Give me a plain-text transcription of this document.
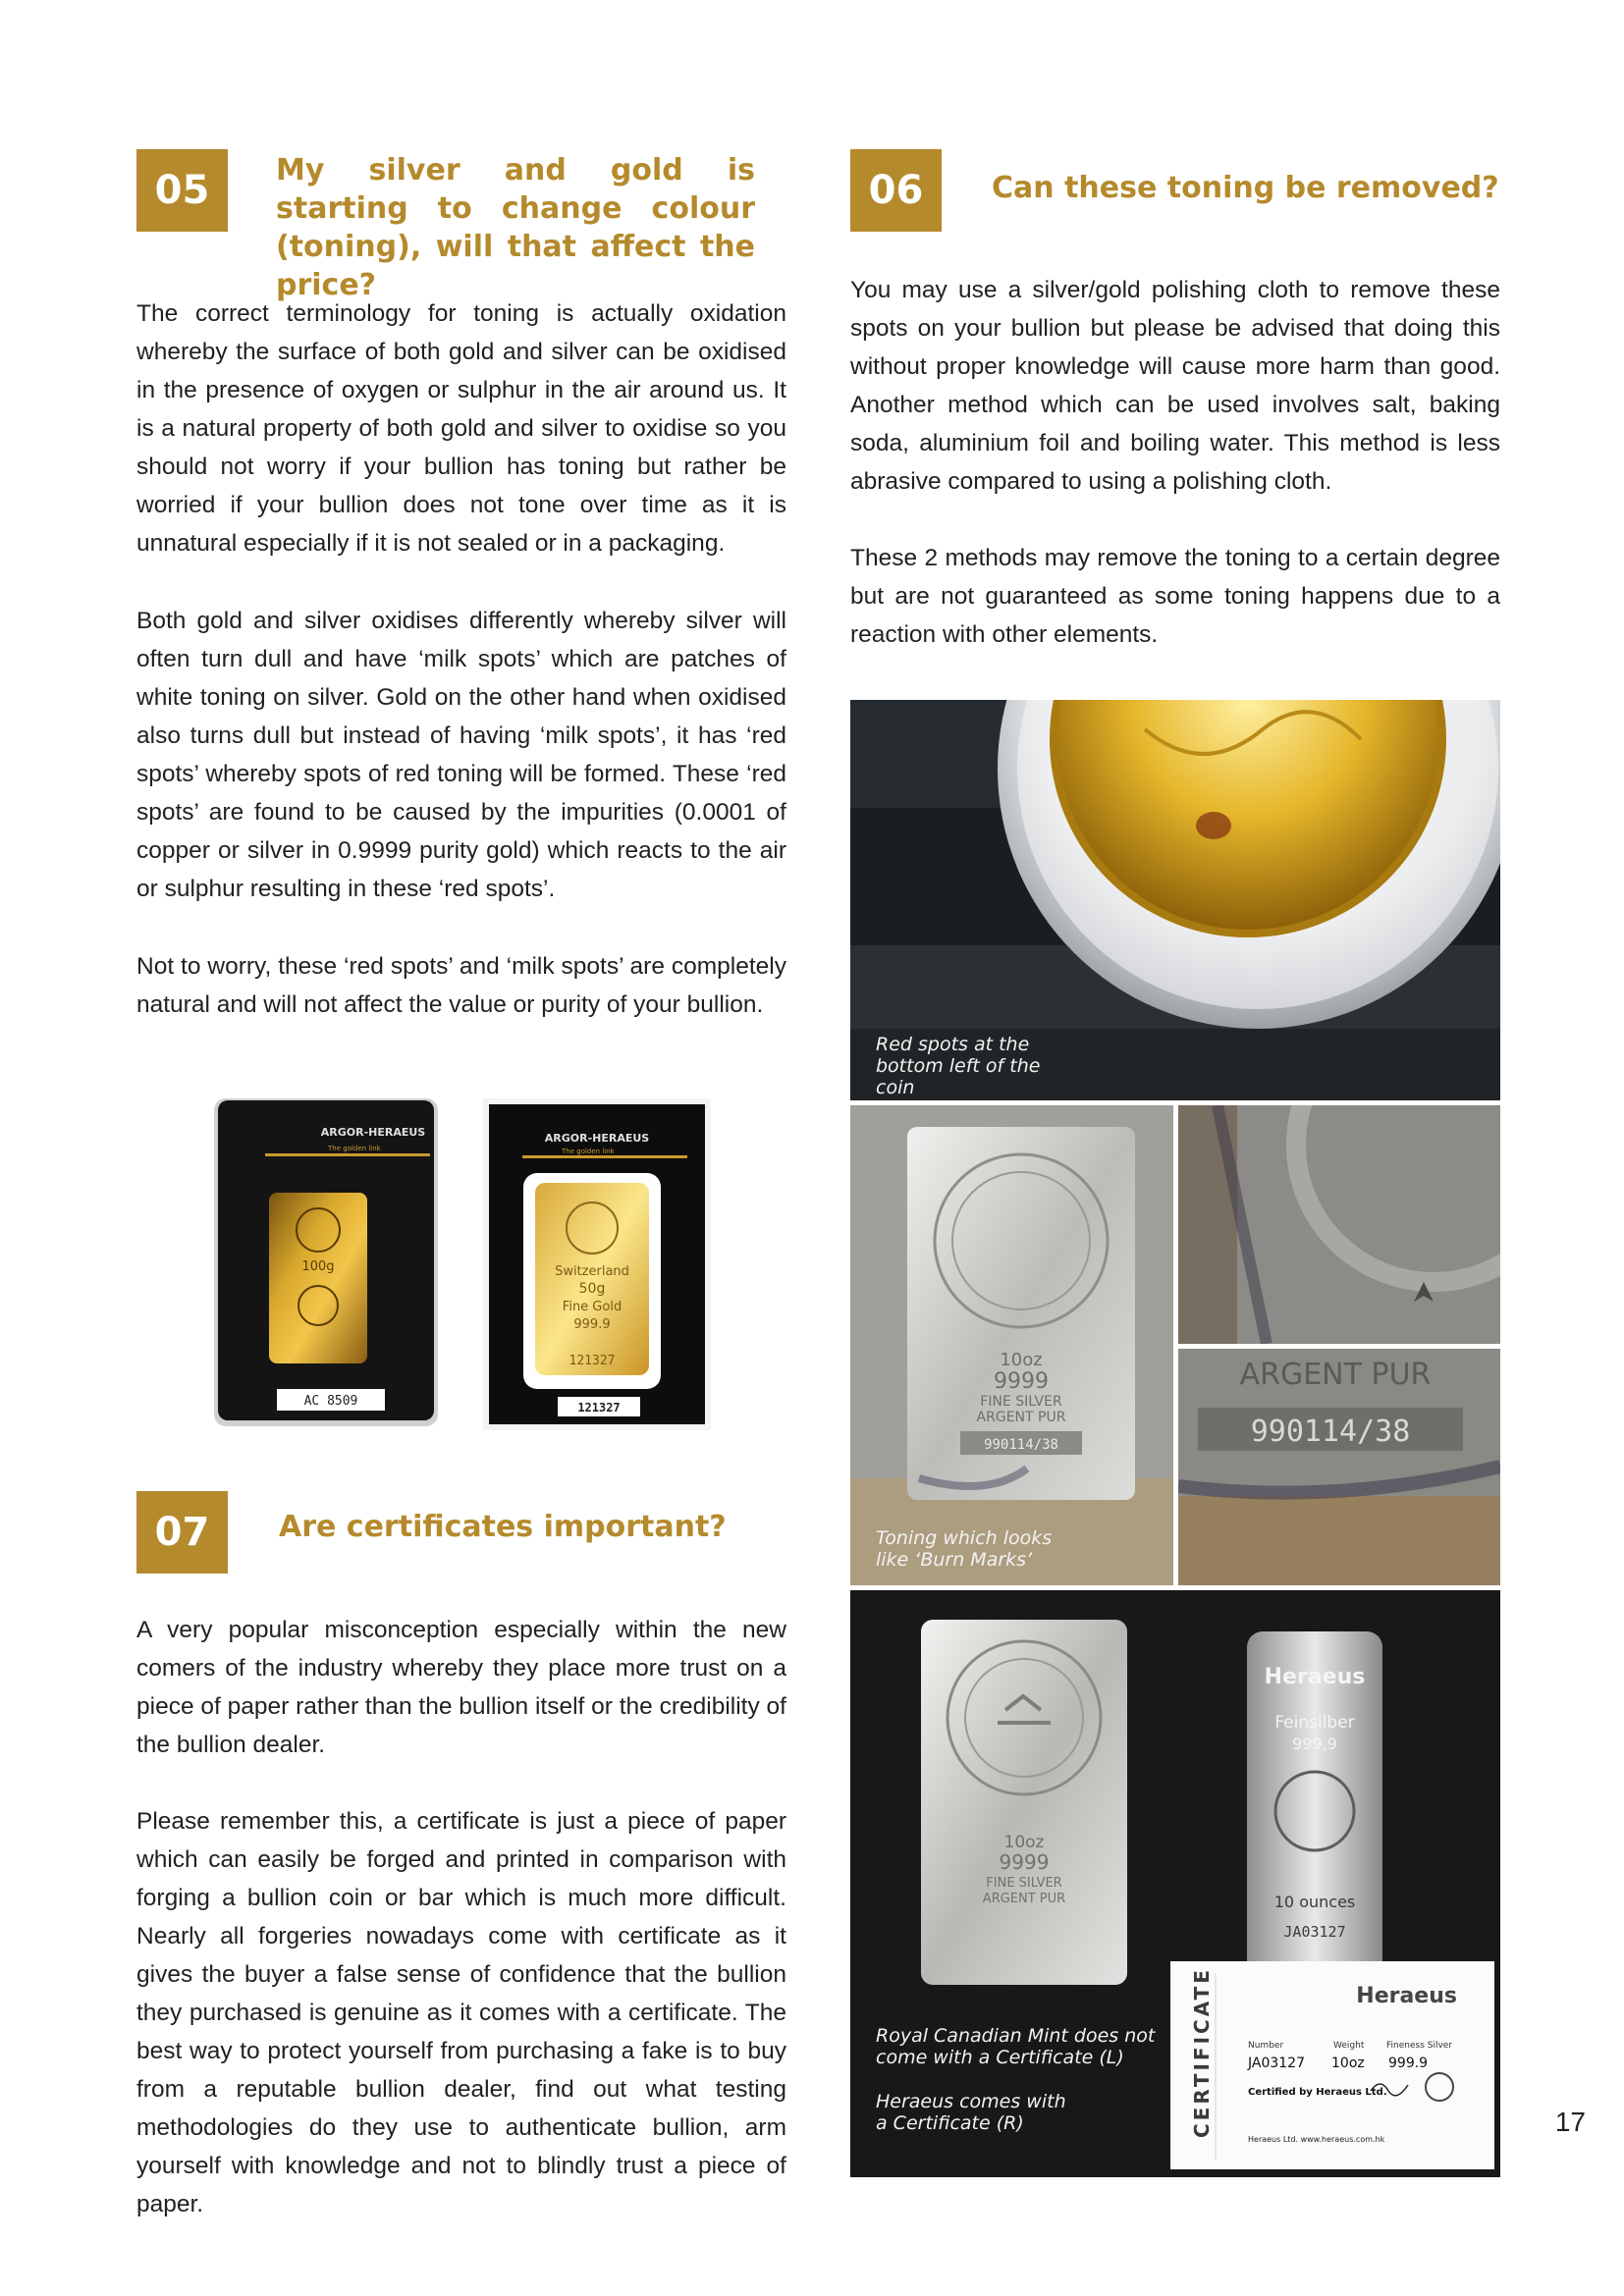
05	My silver and gold is starting to change colour (toning), will that affect the price?

The correct terminology for toning is actually oxidation whereby the surface of both gold and silver can be oxidised in the presence of oxygen or sulphur in the air around us. It is a natural property of both gold and silver to oxidise so you should not worry if your bullion has toning but rather be worried if your bullion does not tone over time as it is unnatural especially if it is not sealed or in a packaging.

Both gold and silver oxidises differently whereby silver will often turn dull and have ‘milk spots’ which are patches of white toning on silver. Gold on the other hand when oxidised also turns dull but instead of having ‘milk spots’, it has ‘red spots’ whereby spots of red toning will be formed. These ‘red spots’ are found to be caused by the impurities (0.0001 of copper or silver in 0.9999 purity gold) which reacts to the air or sulphur resulting in these ‘red spots’.

Not to worry, these ‘red spots’ and ‘milk spots’ are completely natural and will not affect the value or purity of your bullion.

ARGOR-HERAEUS
The golden link
100g
AC 8509
ARGOR-HERAEUS
The golden link
Switzerland
50g
Fine Gold
999.9
121327
121327
06	Can these toning be removed?

You may use a silver/gold polishing cloth to remove these spots on your bullion but please be advised that doing this without proper knowledge will cause more harm than good. Another method which can be used involves salt, baking soda, aluminium foil and boiling water. This method is less abrasive compared to using a polishing cloth.

These 2 methods may remove the toning to a certain degree but are not guaranteed as some toning happens due to a reaction with other elements.

Red spots at the bottom left of the coin
10oz
9999
FINE SILVER
ARGENT PUR
990114/38
Toning which looks like ‘Burn Marks’
ARGENT PUR
990114/38
10oz
9999
FINE SILVER
ARGENT PUR
Heraeus
Feinsilber
999,9
10 ounces
JA03127
CERTIFICATE	Heraeus
Number
JA03127
Weight
10oz
Fineness Silver
999.9
Certified by Heraeus Ltd.
Heraeus Ltd. www.heraeus.com.hk
Royal Canadian Mint does not come with a Certificate (L)
Heraeus comes with a Certificate (R)
07	Are certificates important?

A very popular misconception especially within the new comers of the industry whereby they place more trust on a piece of paper rather than the bullion itself or the credibility of the bullion dealer.

Please remember this, a certificate is just a piece of paper which can easily be forged and printed in comparison with forging a bullion coin or bar which is much more difficult. Nearly all forgeries nowadays come with certificate as it gives the buyer a false sense of confidence that the bullion they purchased is genuine as it comes with a certificate. The best way to protect yourself from purchasing a fake is to buy from a reputable bullion dealer, find out what testing methodologies do they use to authenticate bullion, arm yourself with knowledge and not to blindly trust a piece of paper.

17
